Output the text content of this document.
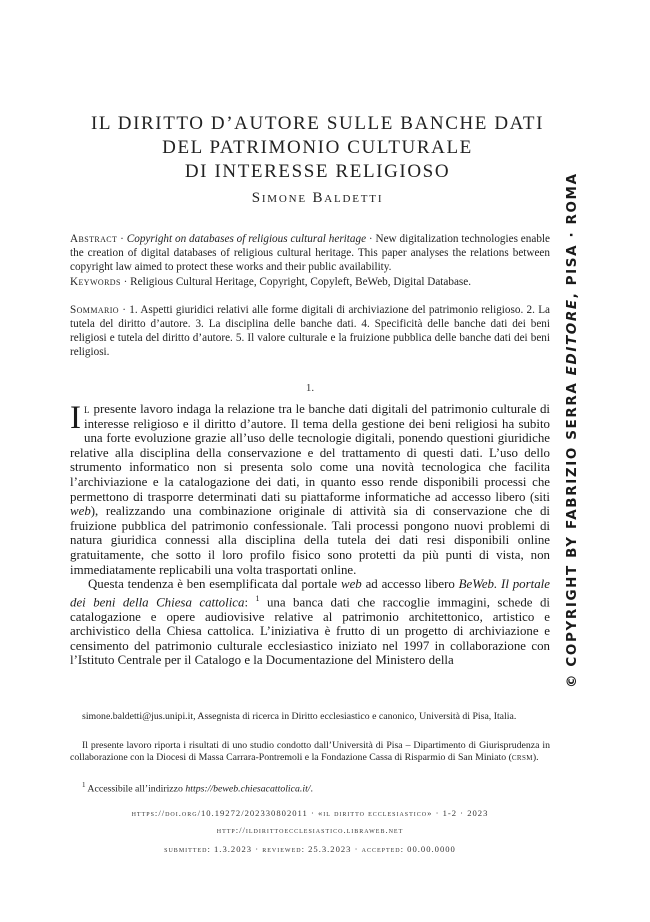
IL DIRITTO D’AUTORE SULLE BANCHE DATI
DEL PATRIMONIO CULTURALE
DI INTERESSE RELIGIOSO
Simone Baldetti
Abstract · Copyright on databases of religious cultural heritage · New digitalization technologies enable the creation of digital databases of religious cultural heritage. This paper analyses the relations between copyright law aimed to protect these works and their public availability.
Keywords · Religious Cultural Heritage, Copyright, Copyleft, BeWeb, Digital Database.
Sommario · 1. Aspetti giuridici relativi alle forme digitali di archiviazione del patrimonio religioso. 2. La tutela del diritto d’autore. 3. La disciplina delle banche dati. 4. Specificità delle banche dati dei beni religiosi e tutela del diritto d’autore. 5. Il valore culturale e la fruizione pubblica delle banche dati dei beni religiosi.
1.

Il presente lavoro indaga la relazione tra le banche dati digitali del patrimonio culturale di interesse religioso e il diritto d’autore. Il tema della gestione dei beni religiosi ha subito una forte evoluzione grazie all’uso delle tecnologie digitali, ponendo questioni giuridiche relative alla disciplina della conservazione e del trattamento di questi dati. L’uso dello strumento informatico non si presenta solo come una novità tecnologica che facilita l’archiviazione e la catalogazione dei dati, in quanto esso rende disponibili processi che permettono di trasporre determinati dati su piattaforme informatiche ad accesso libero (siti web), realizzando una combinazione originale di attività sia di conservazione che di fruizione pubblica del patrimonio confessionale. Tali processi pongono nuovi problemi di natura giuridica connessi alla disciplina della tutela dei dati resi disponibili online gratuitamente, che sotto il loro profilo fisico sono protetti da più punti di vista, non immediatamente replicabili una volta trasportati online.

Questa tendenza è ben esemplificata dal portale web ad accesso libero BeWeb. Il portale dei beni della Chiesa cattolica: $^1$ una banca dati che raccoglie immagini, schede di catalogazione e opere audiovisive relative al patrimonio architettonico, artistico e archivistico della Chiesa cattolica. L’iniziativa è frutto di un progetto di archiviazione e censimento del patrimonio culturale ecclesiastico iniziato nel 1997 in collaborazione con l’Istituto Centrale per il Catalogo e la Documentazione del Ministero della

simone.baldetti@jus.unipi.it, Assegnista di ricerca in Diritto ecclesiastico e canonico, Università di Pisa, Italia.
Il presente lavoro riporta i risultati di uno studio condotto dall’Università di Pisa – Dipartimento di Giurisprudenza in collaborazione con la Diocesi di Massa Carrara-Pontremoli e la Fondazione Cassa di Risparmio di San Miniato (crsm).
$^1$ Accessibile all’indirizzo https://beweb.chiesacattolica.it/.
https://doi.org/10.19272/202330802011 · «il diritto ecclesiastico» · 1-2 · 2023
http://ildirittoecclesiastico.libraweb.net
submitted: 1.3.2023 · reviewed: 25.3.2023 · accepted: 00.00.0000
© COPYRIGHT BY FABRIZIO SERRA EDITORE, PISA · ROMA
